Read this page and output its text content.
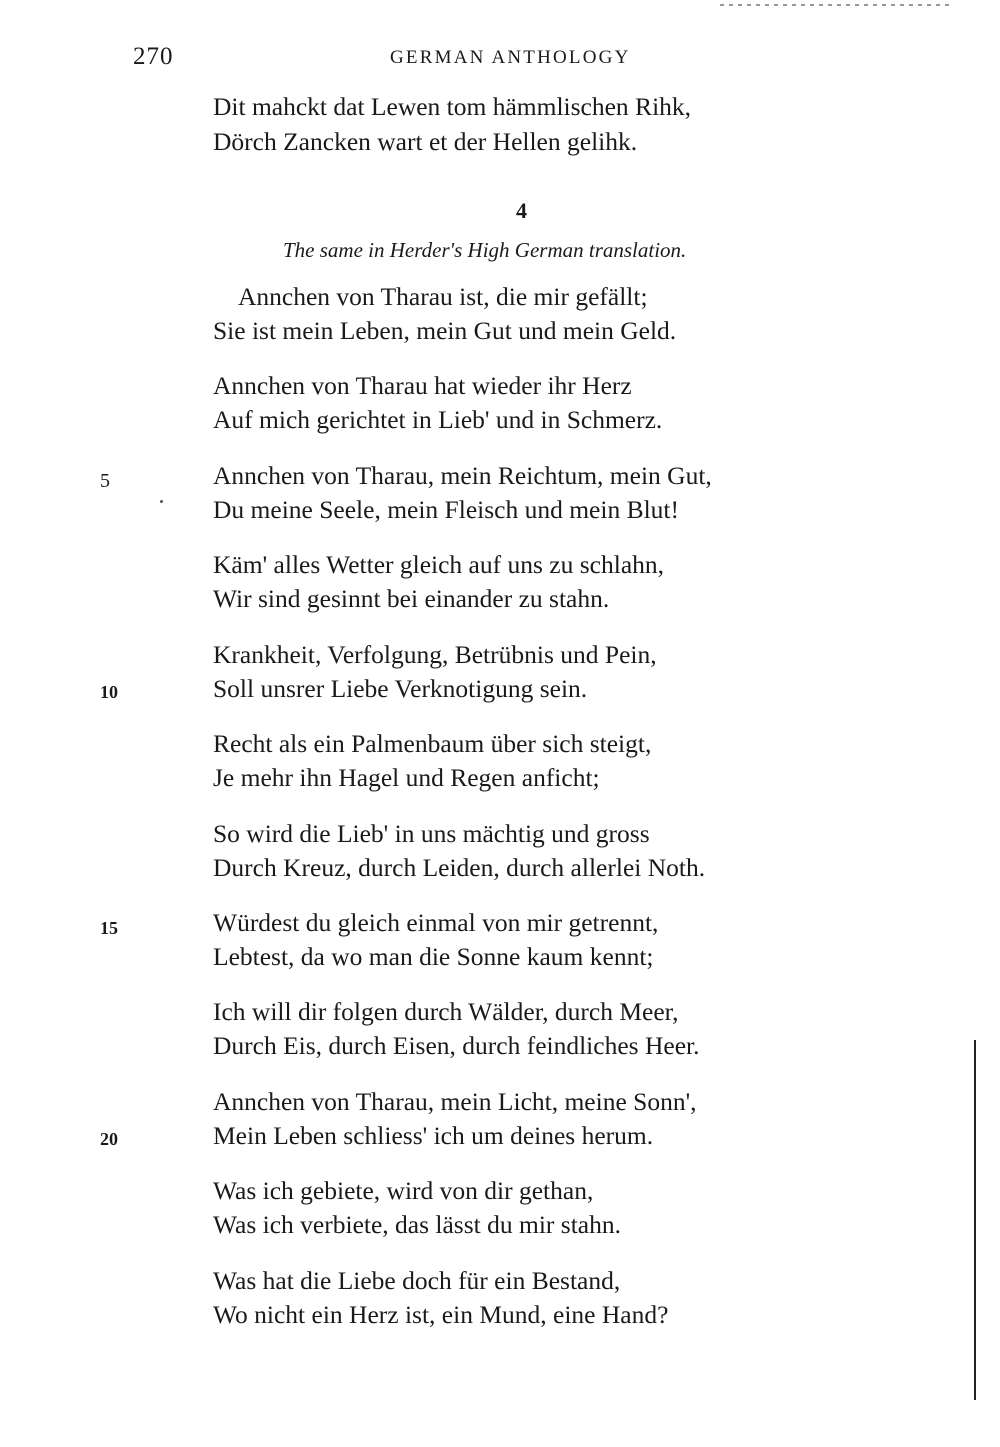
270	GERMAN ANTHOLOGY
Dit mahckt dat Lewen tom hämmlischen Rihk,
Dörch Zancken wart et der Hellen gelihk.
4
The same in Herder's High German translation.
Annchen von Tharau ist, die mir gefällt;
Sie ist mein Leben, mein Gut und mein Geld.
Annchen von Tharau hat wieder ihr Herz
Auf mich gerichtet in Lieb' und in Schmerz.
Annchen von Tharau, mein Reichtum, mein Gut,
Du meine Seele, mein Fleisch und mein Blut!
Käm' alles Wetter gleich auf uns zu schlahn,
Wir sind gesinnt bei einander zu stahn.
Krankheit, Verfolgung, Betrübnis und Pein,
Soll unsrer Liebe Verknotigung sein.
Recht als ein Palmenbaum über sich steigt,
Je mehr ihn Hagel und Regen anficht;
So wird die Lieb' in uns mächtig und gross
Durch Kreuz, durch Leiden, durch allerlei Noth.
Würdest du gleich einmal von mir getrennt,
Lebtest, da wo man die Sonne kaum kennt;
Ich will dir folgen durch Wälder, durch Meer,
Durch Eis, durch Eisen, durch feindliches Heer.
Annchen von Tharau, mein Licht, meine Sonn',
Mein Leben schliess' ich um deines herum.
Was ich gebiete, wird von dir gethan,
Was ich verbiete, das lässt du mir stahn.
Was hat die Liebe doch für ein Bestand,
Wo nicht ein Herz ist, ein Mund, eine Hand?
5
10
15
20
